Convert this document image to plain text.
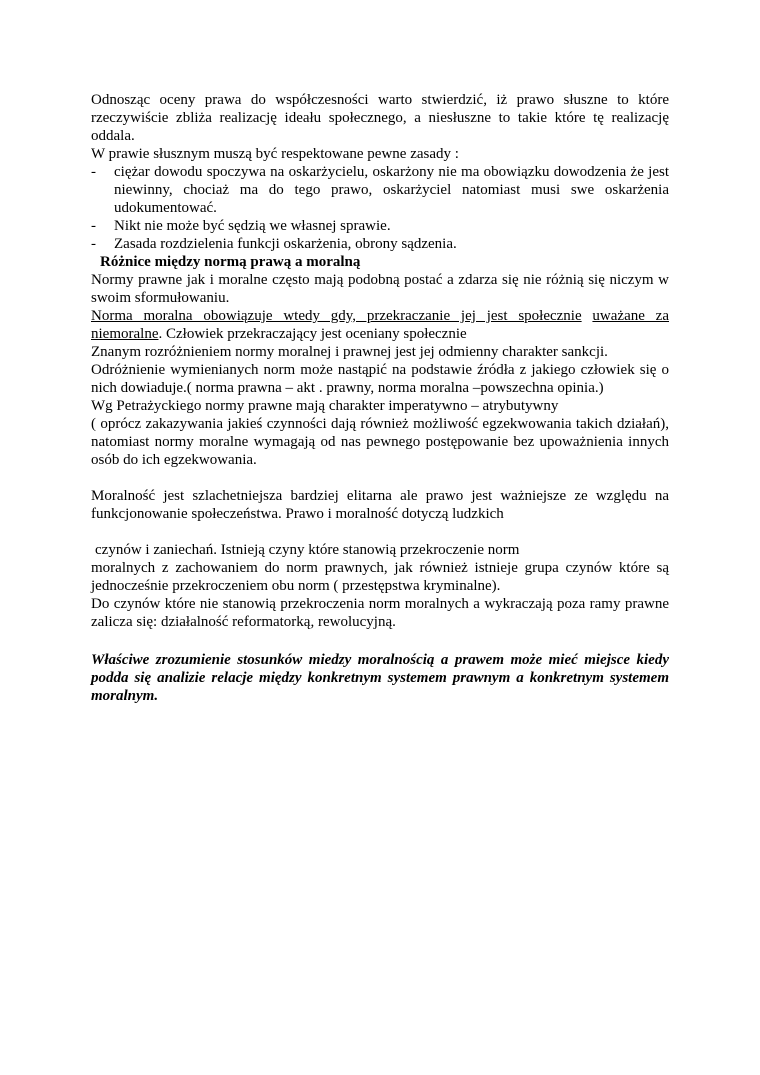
Odnosząc oceny prawa do współczesności warto stwierdzić, iż prawo słuszne to które rzeczywiście zbliża realizację ideału społecznego, a niesłuszne to takie które tę realizację oddala.

W prawie słusznym muszą być respektowane pewne zasady :

- ciężar dowodu spoczywa na oskarżycielu, oskarżony nie ma obowiązku dowodzenia że jest niewinny, chociaż ma do tego prawo, oskarżyciel natomiast musi swe oskarżenia udokumentować.
- Nikt nie może być sędzią we własnej sprawie.
- Zasada rozdzielenia funkcji oskarżenia, obrony sądzenia.

Różnice między normą prawą a moralną

Normy prawne jak i moralne często mają podobną postać a zdarza się nie różnią się niczym w swoim sformułowaniu.

Norma moralna obowiązuje wtedy gdy, przekraczanie jej jest społecznie uważane za niemoralne. Człowiek przekraczający jest oceniany społecznie

Znanym rozróżnieniem normy moralnej i prawnej jest jej odmienny charakter sankcji.

Odróżnienie wymienianych norm może nastąpić na podstawie źródła z jakiego człowiek się o nich dowiaduje.( norma prawna – akt . prawny, norma moralna –powszechna opinia.)

Wg Petrażyckiego normy prawne mają charakter imperatywno – atrybutywny

( oprócz zakazywania jakieś czynności dają również możliwość egzekwowania takich działań), natomiast normy moralne wymagają od nas pewnego postępowanie bez upoważnienia innych osób do ich egzekwowania.

Moralność jest szlachetniejsza bardziej elitarna ale prawo jest ważniejsze ze względu na funkcjonowanie społeczeństwa. Prawo i moralność dotyczą ludzkich

czynów i zaniechań. Istnieją czyny które stanowią przekroczenie norm

moralnych z zachowaniem do norm prawnych, jak również istnieje grupa czynów które są jednocześnie przekroczeniem obu norm ( przestępstwa kryminalne).

Do czynów które nie stanowią przekroczenia norm moralnych a wykraczają poza ramy prawne zalicza się: działalność reformatorką, rewolucyjną.

Właściwe zrozumienie stosunków miedzy moralnością a prawem może mieć miejsce kiedy podda się analizie relacje między konkretnym systemem prawnym a konkretnym systemem moralnym.
